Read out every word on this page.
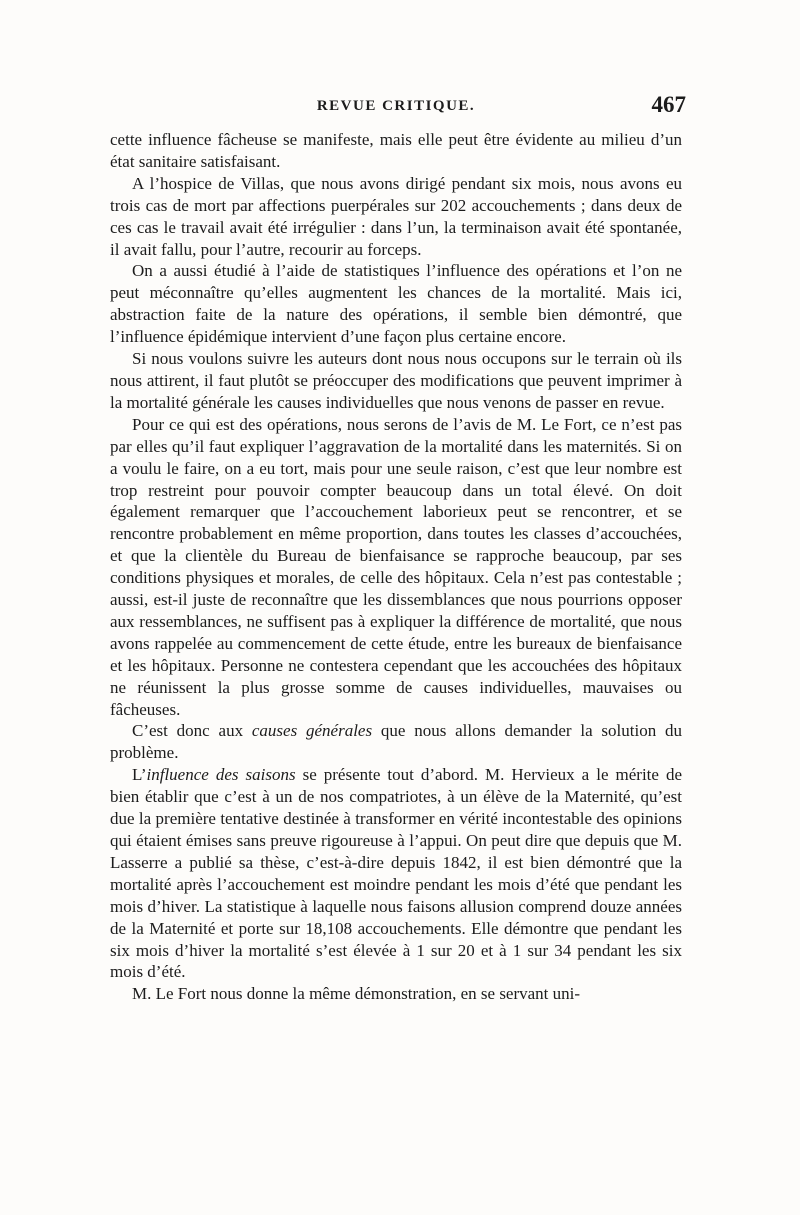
REVUE CRITIQUE.	467

cette influence fâcheuse se manifeste, mais elle peut être évidente au milieu d’un état sanitaire satisfaisant.

A l’hospice de Villas, que nous avons dirigé pendant six mois, nous avons eu trois cas de mort par affections puerpérales sur 202 accouchements ; dans deux de ces cas le travail avait été irrégulier : dans l’un, la terminaison avait été spontanée, il avait fallu, pour l’autre, recourir au forceps.

On a aussi étudié à l’aide de statistiques l’influence des opérations et l’on ne peut méconnaître qu’elles augmentent les chances de la mortalité. Mais ici, abstraction faite de la nature des opérations, il semble bien démontré, que l’influence épidémique intervient d’une façon plus certaine encore.

Si nous voulons suivre les auteurs dont nous nous occupons sur le terrain où ils nous attirent, il faut plutôt se préoccuper des modifications que peuvent imprimer à la mortalité générale les causes individuelles que nous venons de passer en revue.

Pour ce qui est des opérations, nous serons de l’avis de M. Le Fort, ce n’est pas par elles qu’il faut expliquer l’aggravation de la mortalité dans les maternités. Si on a voulu le faire, on a eu tort, mais pour une seule raison, c’est que leur nombre est trop restreint pour pouvoir compter beaucoup dans un total élevé. On doit également remarquer que l’accouchement laborieux peut se rencontrer, et se rencontre probablement en même proportion, dans toutes les classes d’accouchées, et que la clientèle du Bureau de bienfaisance se rapproche beaucoup, par ses conditions physiques et morales, de celle des hôpitaux. Cela n’est pas contestable ; aussi, est-il juste de reconnaître que les dissemblances que nous pourrions opposer aux ressemblances, ne suffisent pas à expliquer la différence de mortalité, que nous avons rappelée au commencement de cette étude, entre les bureaux de bienfaisance et les hôpitaux. Personne ne contestera cependant que les accouchées des hôpitaux ne réunissent la plus grosse somme de causes individuelles, mauvaises ou fâcheuses.

C’est donc aux causes générales que nous allons demander la solution du problème.

L’influence des saisons se présente tout d’abord. M. Hervieux a le mérite de bien établir que c’est à un de nos compatriotes, à un élève de la Maternité, qu’est due la première tentative destinée à transformer en vérité incontestable des opinions qui étaient émises sans preuve rigoureuse à l’appui. On peut dire que depuis que M. Lasserre a publié sa thèse, c’est-à-dire depuis 1842, il est bien démontré que la mortalité après l’accouchement est moindre pendant les mois d’été que pendant les mois d’hiver. La statistique à laquelle nous faisons allusion comprend douze années de la Maternité et porte sur 18,108 accouchements. Elle démontre que pendant les six mois d’hiver la mortalité s’est élevée à 1 sur 20 et à 1 sur 34 pendant les six mois d’été.

M. Le Fort nous donne la même démonstration, en se servant uni-
